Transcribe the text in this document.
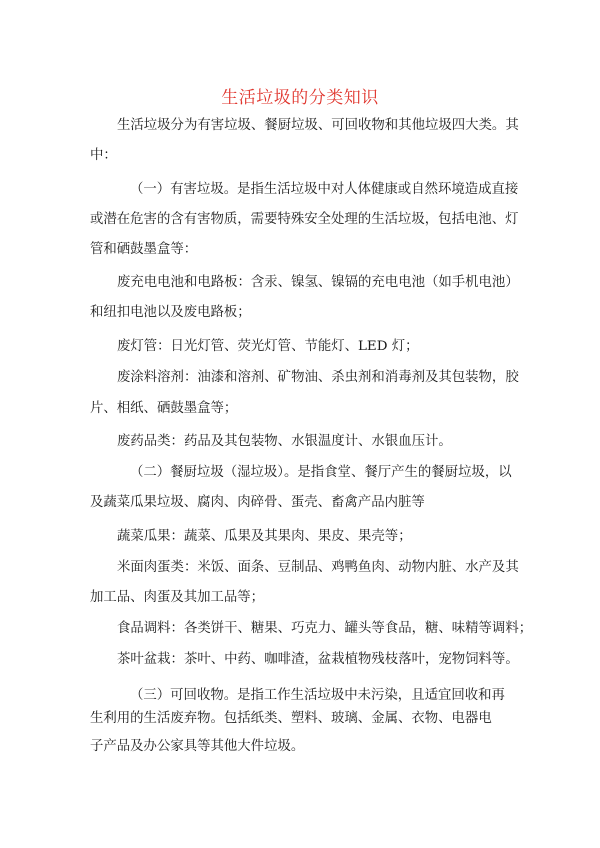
生活垃圾的分类知识
生活垃圾分为有害垃圾、餐厨垃圾、可回收物和其他垃圾四大类。其
中：
（一）有害垃圾。是指生活垃圾中对人体健康或自然环境造成直接
或潜在危害的含有害物质，需要特殊安全处理的生活垃圾，包括电池、灯
管和硒鼓墨盒等：
废充电电池和电路板：含汞、镍氢、镍镉的充电电池（如手机电池）
和纽扣电池以及废电路板；
废灯管：日光灯管、荧光灯管、节能灯、LED 灯；
废涂料溶剂：油漆和溶剂、矿物油、杀虫剂和消毒剂及其包装物，胶
片、相纸、硒鼓墨盒等；
废药品类：药品及其包装物、水银温度计、水银血压计。
（二）餐厨垃圾（湿垃圾）。是指食堂、餐厅产生的餐厨垃圾，以
及蔬菜瓜果垃圾、腐肉、肉碎骨、蛋壳、畜禽产品内脏等
蔬菜瓜果：蔬菜、瓜果及其果肉、果皮、果壳等；
米面肉蛋类：米饭、面条、豆制品、鸡鸭鱼肉、动物内脏、水产及其
加工品、肉蛋及其加工品等；
食品调料：各类饼干、糖果、巧克力、罐头等食品，糖、味精等调料；
茶叶盆栽：茶叶、中药、咖啡渣，盆栽植物残枝落叶，宠物饲料等。
（三）可回收物。是指工作生活垃圾中未污染，且适宜回收和再
生利用的生活废弃物。包括纸类、塑料、玻璃、金属、衣物、电器电
子产品及办公家具等其他大件垃圾。
